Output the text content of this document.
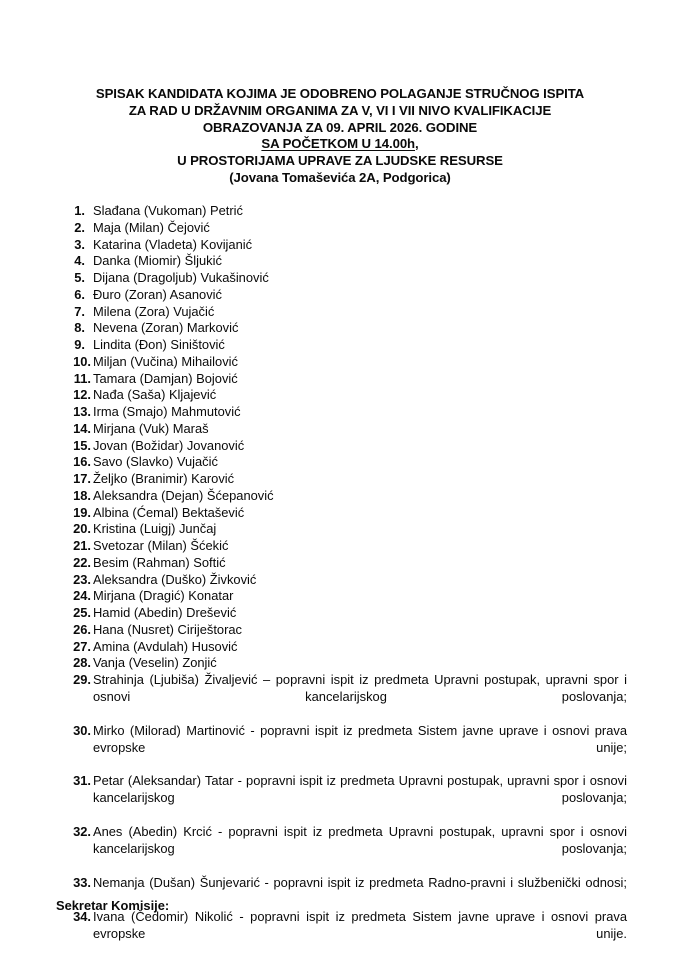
SPISAK KANDIDATA KOJIMA JE ODOBRENO POLAGANJE STRUČNOG ISPITA
ZA RAD U DRŽAVNIM ORGANIMA ZA V, VI I VII NIVO KVALIFIKACIJE
OBRAZOVANJA ZA 09. APRIL 2026. GODINE
SA POČETKOM U 14.00h,
U PROSTORIJAMA UPRAVE ZA LJUDSKE RESURSE
(Jovana Tomaševića 2A, Podgorica)
1. Slađana (Vukoman) Petrić
2. Maja (Milan) Čejović
3. Katarina (Vladeta) Kovijanić
4. Danka (Miomir) Šljukić
5. Dijana (Dragoljub) Vukašinović
6. Đuro (Zoran) Asanović
7. Milena (Zora) Vujačić
8. Nevena (Zoran) Marković
9. Lindita (Đon) Siništović
10. Miljan (Vučina) Mihailović
11. Tamara (Damjan) Bojović
12. Nađa (Saša) Kljajević
13. Irma (Smajo) Mahmutović
14. Mirjana (Vuk) Maraš
15. Jovan (Božidar) Jovanović
16. Savo (Slavko) Vujačić
17. Željko (Branimir) Karović
18. Aleksandra (Dejan) Šćepanović
19. Albina (Ćemal) Bektašević
20. Kristina (Luigj) Junčaj
21. Svetozar (Milan) Šćekić
22. Besim (Rahman) Softić
23. Aleksandra (Duško) Živković
24. Mirjana (Dragić) Konatar
25. Hamid (Abedin) Drešević
26. Hana (Nusret) Ciriještorac
27. Amina (Avdulah) Husović
28. Vanja (Veselin) Zonjić
29. Strahinja (Ljubiša) Živaljević – popravni ispit iz predmeta Upravni postupak, upravni spor i osnovi kancelarijskog poslovanja;
30. Mirko (Milorad) Martinović - popravni ispit iz predmeta Sistem javne uprave i osnovi prava evropske unije;
31. Petar (Aleksandar) Tatar - popravni ispit iz predmeta Upravni postupak, upravni spor i osnovi kancelarijskog poslovanja;
32. Anes (Abedin) Krcić - popravni ispit iz predmeta Upravni postupak, upravni spor i osnovi kancelarijskog poslovanja;
33. Nemanja (Dušan) Šunjevarić - popravni ispit iz predmeta Radno-pravni i službenički odnosi;
34. Ivana (Čedomir) Nikolić - popravni ispit iz predmeta Sistem javne uprave i osnovi prava evropske unije.
Sekretar Komisije:
